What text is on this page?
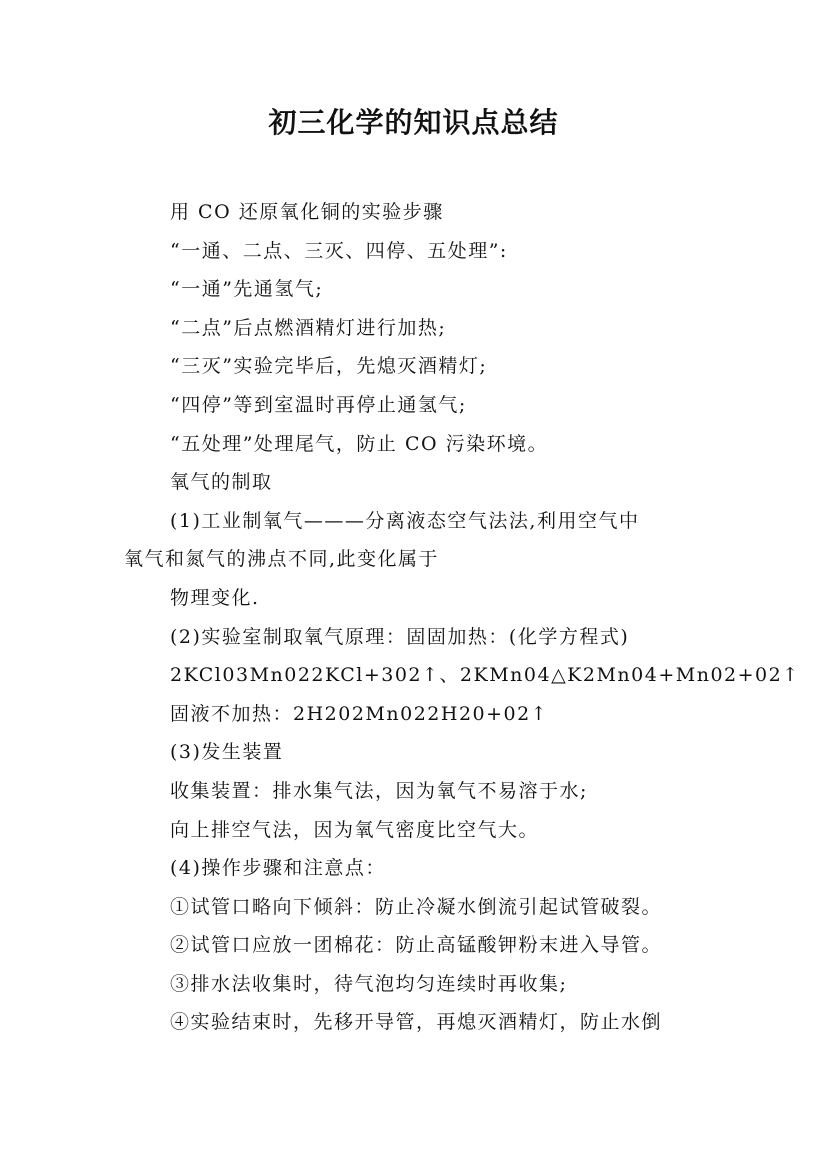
初三化学的知识点总结

用 CO 还原氧化铜的实验步骤

“一通、二点、三灭、四停、五处理”:

“一通”先通氢气;

“二点”后点燃酒精灯进行加热;

“三灭”实验完毕后，先熄灭酒精灯;

“四停”等到室温时再停止通氢气;

“五处理”处理尾气，防止 CO 污染环境。

氧气的制取

(1)工业制氧气———分离液态空气法法,利用空气中

氧气和氮气的沸点不同,此变化属于

物理变化.

(2)实验室制取氧气原理：固固加热：(化学方程式)

2KCl03Mn022KCl+302↑、2KMn04△K2Mn04+Mn02+02↑

固液不加热：2H202Mn022H20+02↑

(3)发生装置

收集装置：排水集气法，因为氧气不易溶于水;

向上排空气法，因为氧气密度比空气大。

(4)操作步骤和注意点：

①试管口略向下倾斜：防止冷凝水倒流引起试管破裂。

②试管口应放一团棉花：防止高锰酸钾粉末进入导管。

③排水法收集时，待气泡均匀连续时再收集;

④实验结束时，先移开导管，再熄灭酒精灯，防止水倒
